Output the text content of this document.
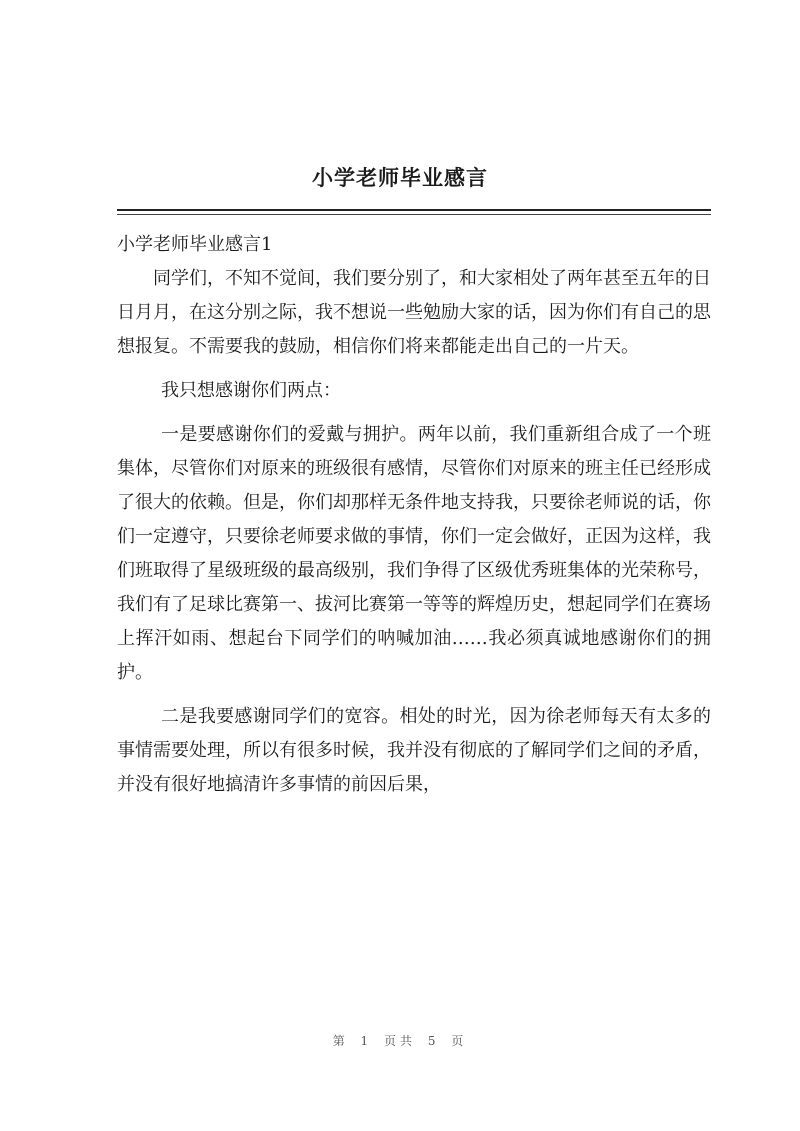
小学老师毕业感言

小学老师毕业感言1

同学们，不知不觉间，我们要分别了，和大家相处了两年甚至五年的日日月月，在这分别之际，我不想说一些勉励大家的话，因为你们有自己的思想报复。不需要我的鼓励，相信你们将来都能走出自己的一片天。

我只想感谢你们两点：

一是要感谢你们的爱戴与拥护。两年以前，我们重新组合成了一个班集体，尽管你们对原来的班级很有感情，尽管你们对原来的班主任已经形成了很大的依赖。但是，你们却那样无条件地支持我，只要徐老师说的话，你们一定遵守，只要徐老师要求做的事情，你们一定会做好，正因为这样，我们班取得了星级班级的最高级别，我们争得了区级优秀班集体的光荣称号，我们有了足球比赛第一、拔河比赛第一等等的辉煌历史，想起同学们在赛场上挥汗如雨、想起台下同学们的呐喊加油……我必须真诚地感谢你们的拥护。

二是我要感谢同学们的宽容。相处的时光，因为徐老师每天有太多的事情需要处理，所以有很多时候，我并没有彻底的了解同学们之间的矛盾，并没有很好地搞清许多事情的前因后果，

第 1 页共 5 页
